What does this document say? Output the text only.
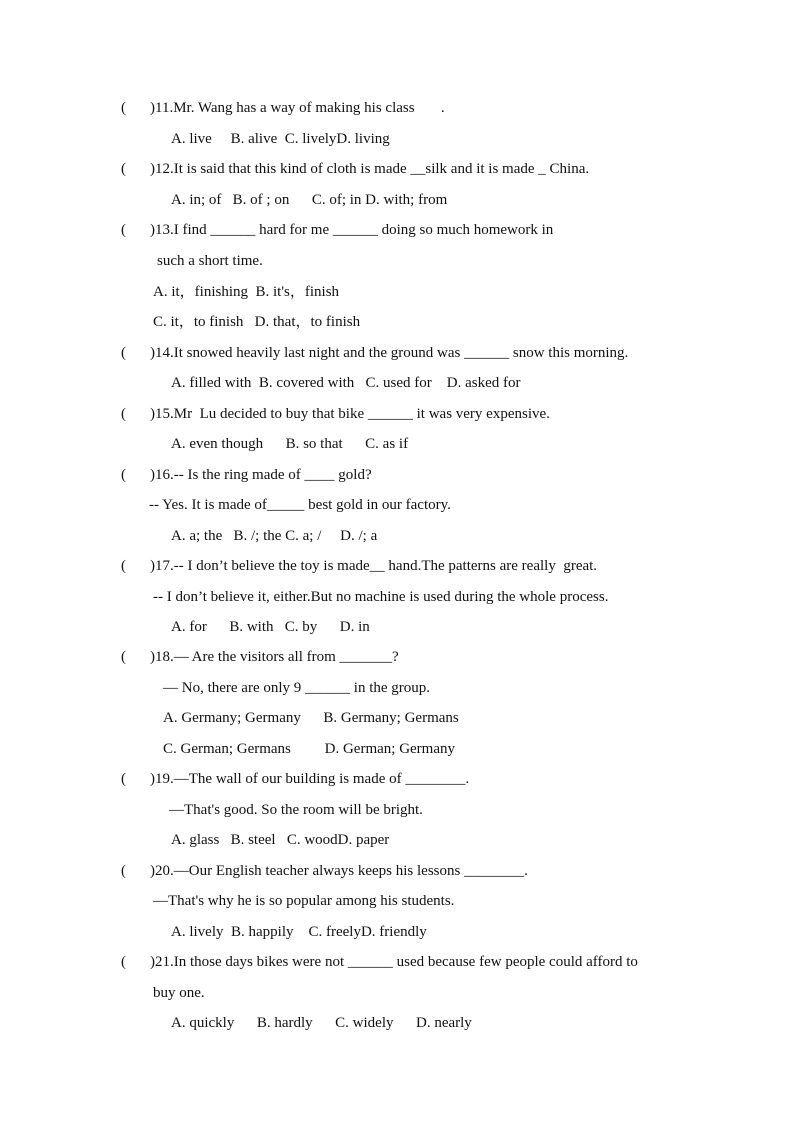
( )11.Mr. Wang has a way of making his class       .
A. live     B. alive  C. livelyD. living
( )12.It is said that this kind of cloth is made __silk and it is made _ China.
A. in; of   B. of ; on      C. of; in D. with; from
( )13.I find ______ hard for me ______ doing so much homework in
such a short time.
A. it，finishing  B. it's，finish
C. it，to finish   D. that，to finish
( )14.It snowed heavily last night and the ground was ______ snow this morning.
A. filled with  B. covered with   C. used for    D. asked for
( )15.Mr  Lu decided to buy that bike ______ it was very expensive.
A. even though      B. so that      C. as if
( )16.-- Is the ring made of ____ gold?
-- Yes. It is made of_____ best gold in our factory.
A. a; the   B. /; the C. a; /     D. /; a
( )17.-- I don’t believe the toy is made__ hand.The patterns are really  great.
-- I don’t believe it, either.But no machine is used during the whole process.
A. for      B. with   C. by      D. in
( )18.— Are the visitors all from _______?
— No, there are only 9 ______ in the group.
A. Germany; Germany      B. Germany; Germans
C. German; Germans         D. German; Germany
( )19.—The wall of our building is made of ________.
—That's good. So the room will be bright.
A. glass   B. steel   C. woodD. paper
( )20.—Our English teacher always keeps his lessons ________.
—That's why he is so popular among his students.
A. lively  B. happily    C. freelyD. friendly
( )21.In those days bikes were not ______ used because few people could afford to
buy one.
A. quickly      B. hardly      C. widely      D. nearly
